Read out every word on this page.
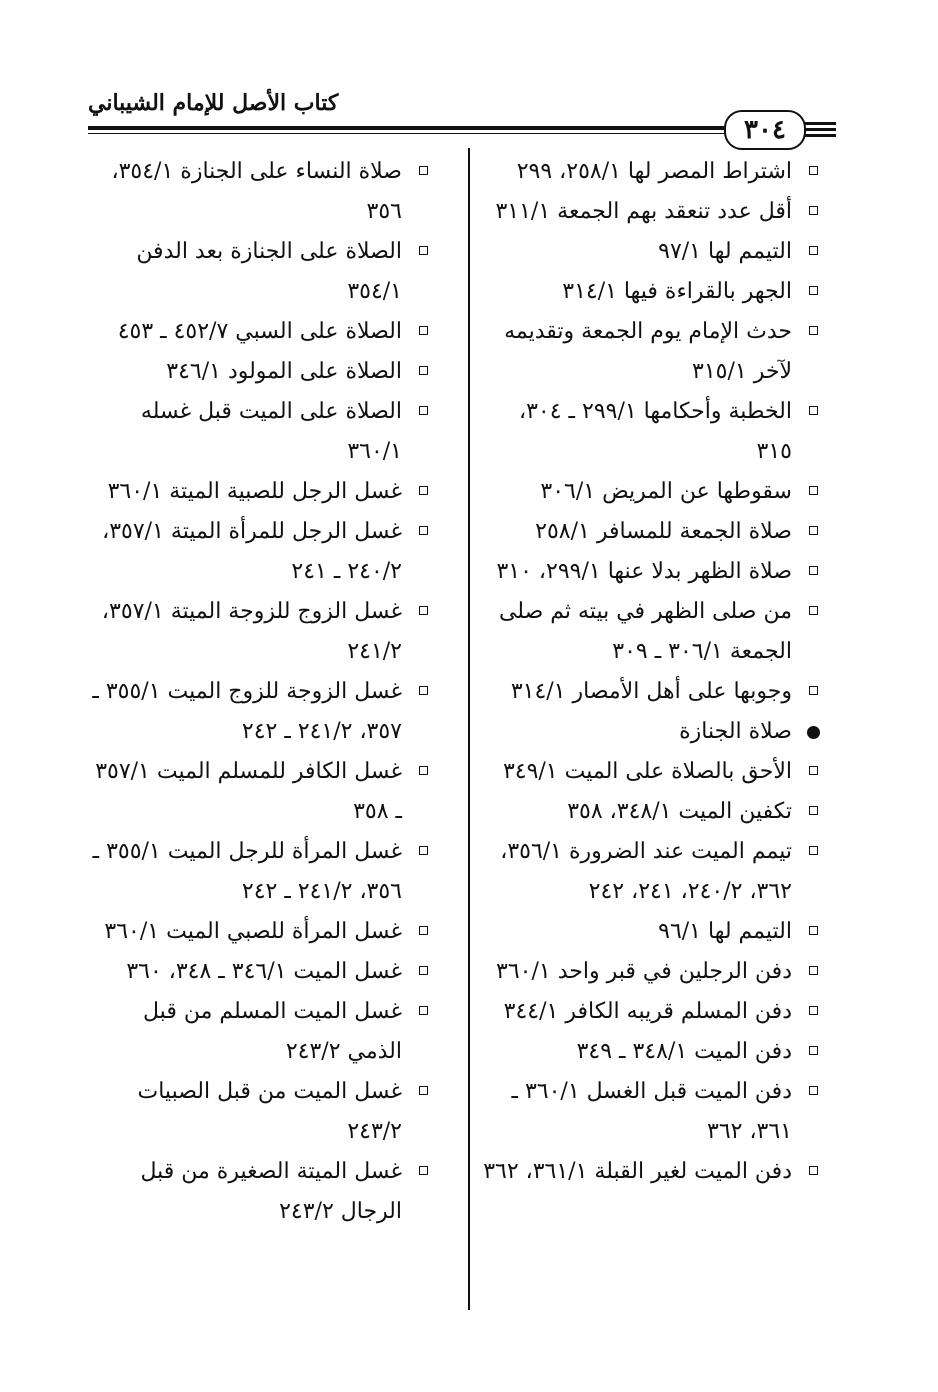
كتاب الأصل للإمام الشيباني
٣٠٤

اشتراط المصر لها ٢٥٨/١، ٢٩٩

أقل عدد تنعقد بهم الجمعة ٣١١/١

التيمم لها ٩٧/١

الجهر بالقراءة فيها ٣١٤/١

حدث الإمام يوم الجمعة وتقديمه لآخر ٣١٥/١

الخطبة وأحكامها ٢٩٩/١ ـ ٣٠٤، ٣١٥

سقوطها عن المريض ٣٠٦/١

صلاة الجمعة للمسافر ٢٥٨/١

صلاة الظهر بدلا عنها ٢٩٩/١، ٣١٠

من صلى الظهر في بيته ثم صلى الجمعة ٣٠٦/١ ـ ٣٠٩

وجوبها على أهل الأمصار ٣١٤/١

صلاة الجنازة

الأحق بالصلاة على الميت ٣٤٩/١

تكفين الميت ٣٤٨/١، ٣٥٨

تيمم الميت عند الضرورة ٣٥٦/١، ٣٦٢، ٢٤٠/٢، ٢٤١، ٢٤٢

التيمم لها ٩٦/١

دفن الرجلين في قبر واحد ٣٦٠/١

دفن المسلم قريبه الكافر ٣٤٤/١

دفن الميت ٣٤٨/١ ـ ٣٤٩

دفن الميت قبل الغسل ٣٦٠/١ ـ ٣٦١، ٣٦٢

دفن الميت لغير القبلة ٣٦١/١، ٣٦٢

صلاة النساء على الجنازة ٣٥٤/١، ٣٥٦

الصلاة على الجنازة بعد الدفن ٣٥٤/١

الصلاة على السبي ٤٥٢/٧ ـ ٤٥٣

الصلاة على المولود ٣٤٦/١

الصلاة على الميت قبل غسله ٣٦٠/١

غسل الرجل للصبية الميتة ٣٦٠/١

غسل الرجل للمرأة الميتة ٣٥٧/١، ٢٤٠/٢ ـ ٢٤١

غسل الزوج للزوجة الميتة ٣٥٧/١، ٢٤١/٢

غسل الزوجة للزوج الميت ٣٥٥/١ ـ ٣٥٧، ٢٤١/٢ ـ ٢٤٢

غسل الكافر للمسلم الميت ٣٥٧/١ ـ ٣٥٨

غسل المرأة للرجل الميت ٣٥٥/١ ـ ٣٥٦، ٢٤١/٢ ـ ٢٤٢

غسل المرأة للصبي الميت ٣٦٠/١

غسل الميت ٣٤٦/١ ـ ٣٤٨، ٣٦٠

غسل الميت المسلم من قبل الذمي ٢٤٣/٢

غسل الميت من قبل الصبيات ٢٤٣/٢

غسل الميتة الصغيرة من قبل الرجال ٢٤٣/٢
